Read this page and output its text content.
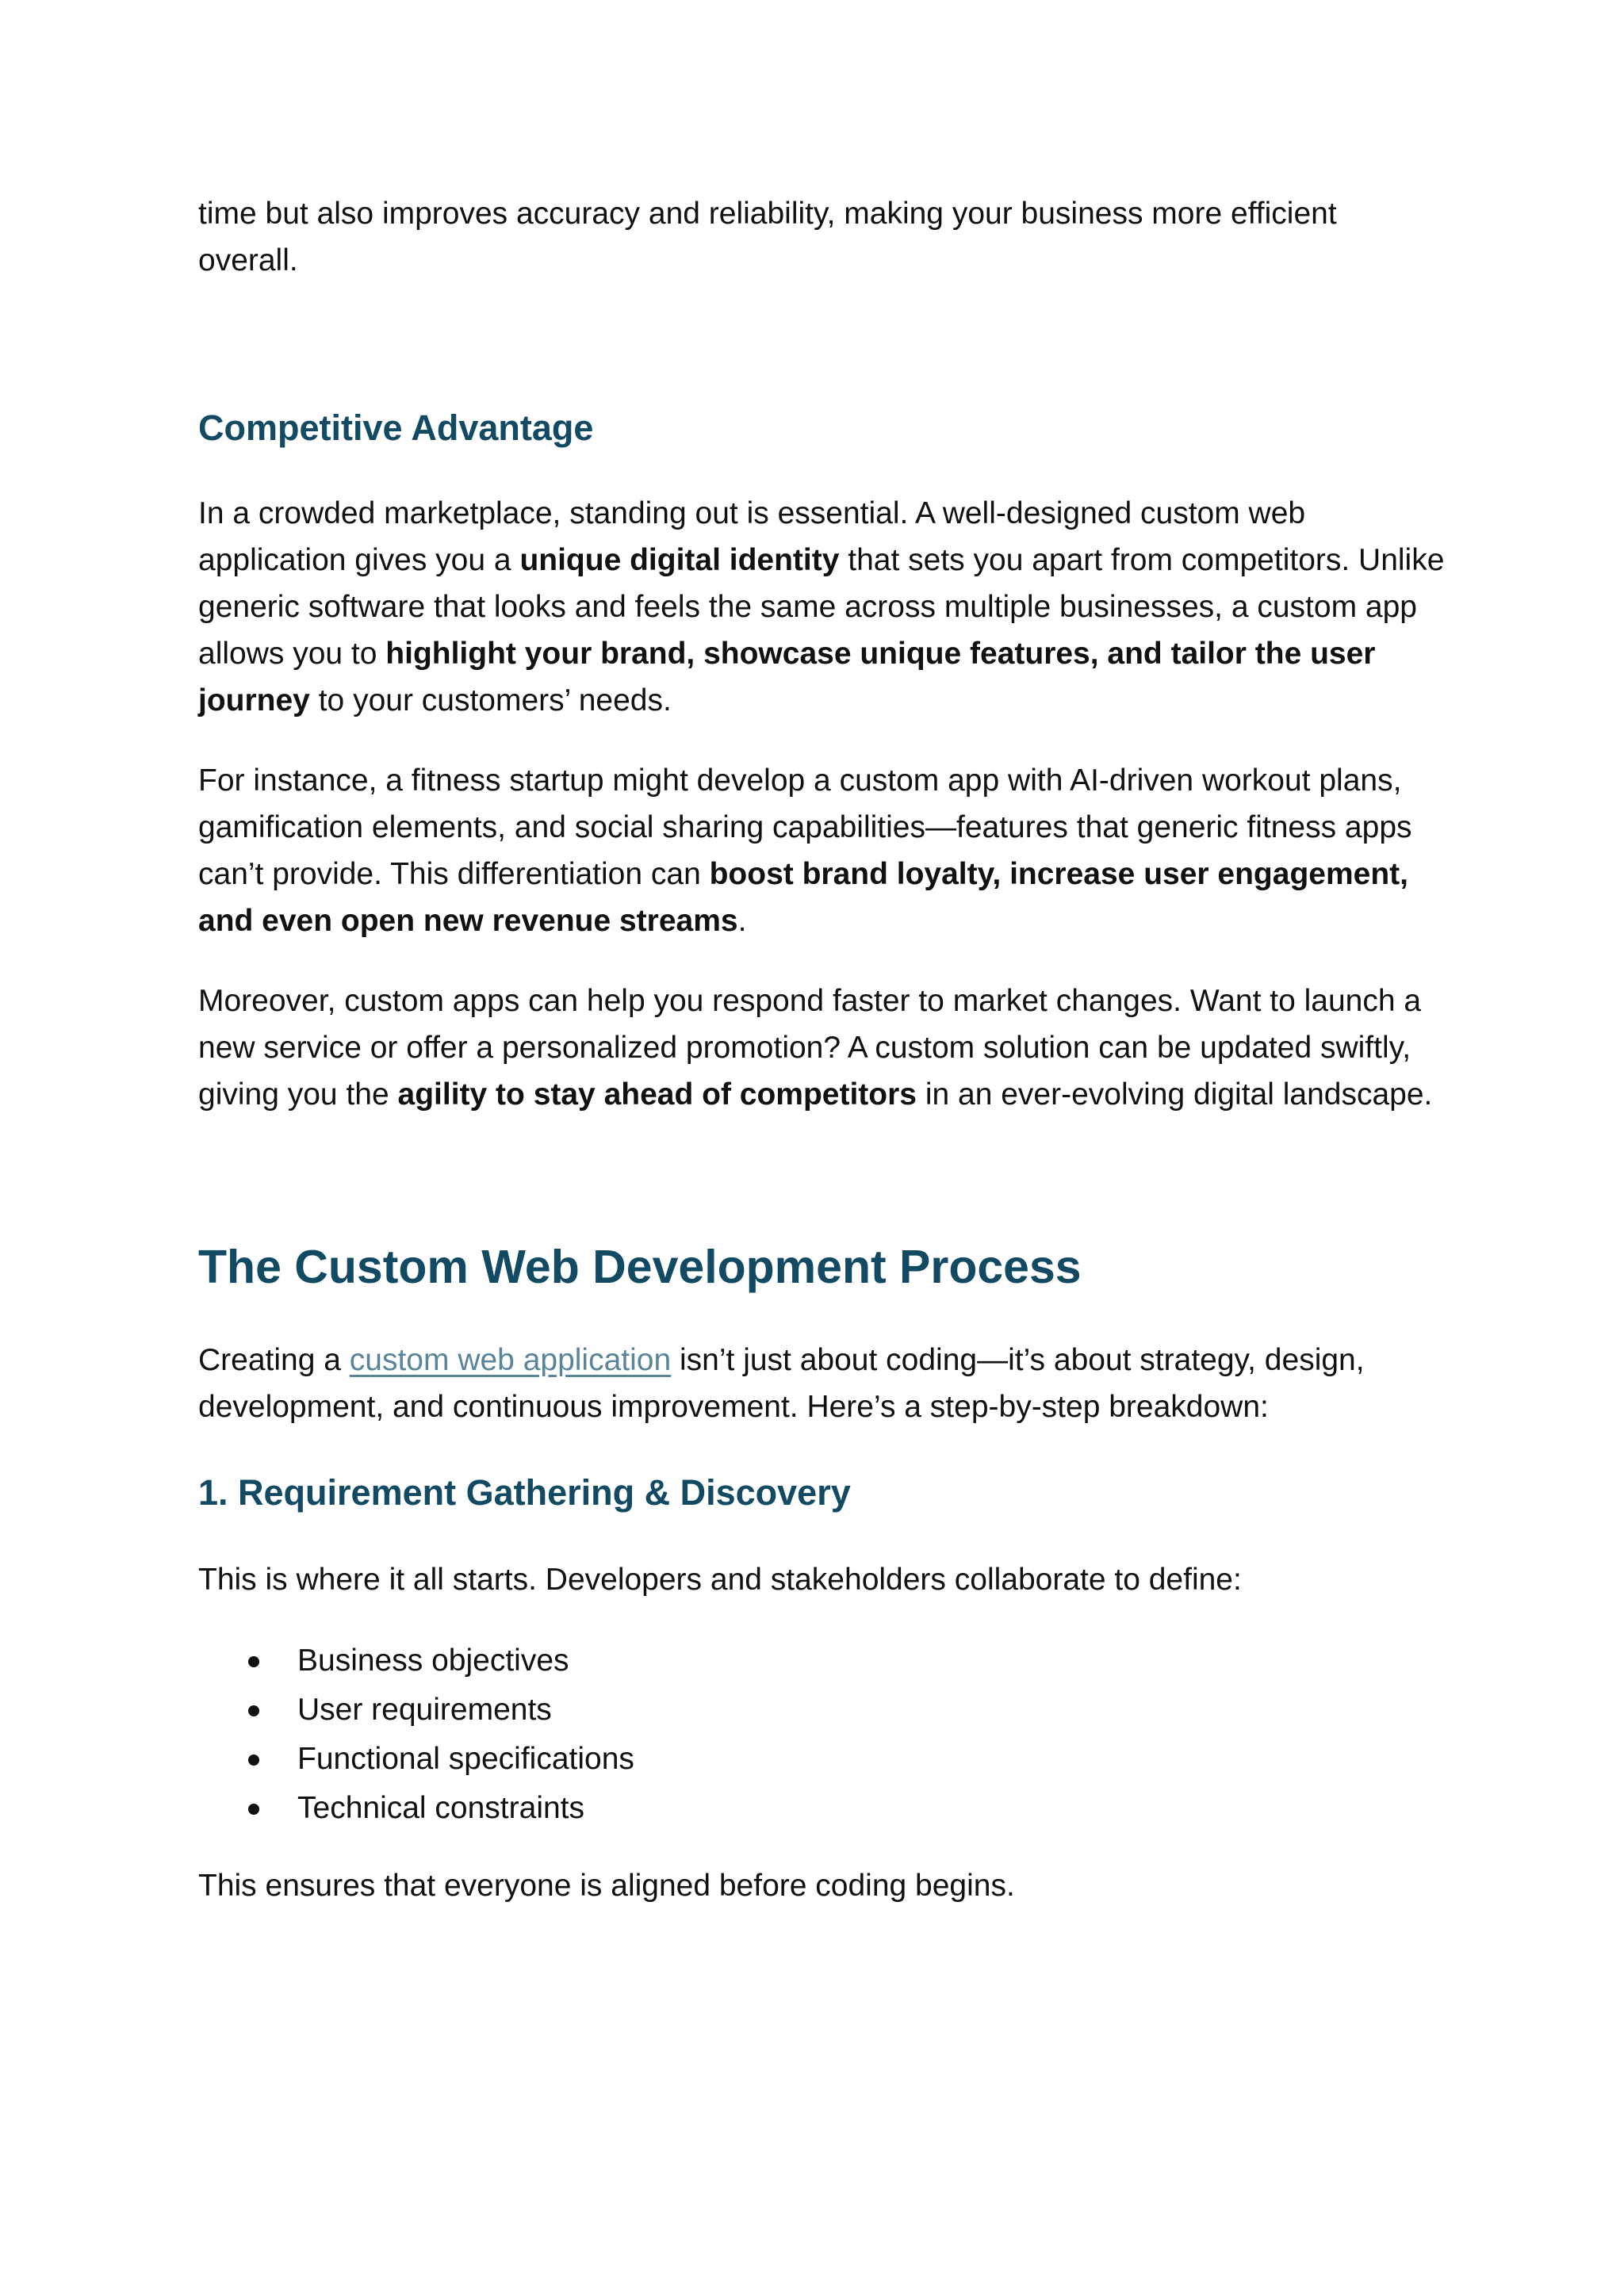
time but also improves accuracy and reliability, making your business more efficient overall.

Competitive Advantage

In a crowded marketplace, standing out is essential. A well-designed custom web application gives you a unique digital identity that sets you apart from competitors. Unlike generic software that looks and feels the same across multiple businesses, a custom app allows you to highlight your brand, showcase unique features, and tailor the user journey to your customers’ needs.

For instance, a fitness startup might develop a custom app with AI-driven workout plans, gamification elements, and social sharing capabilities—features that generic fitness apps can’t provide. This differentiation can boost brand loyalty, increase user engagement, and even open new revenue streams.

Moreover, custom apps can help you respond faster to market changes. Want to launch a new service or offer a personalized promotion? A custom solution can be updated swiftly, giving you the agility to stay ahead of competitors in an ever-evolving digital landscape.

The Custom Web Development Process

Creating a custom web application isn’t just about coding—it’s about strategy, design, development, and continuous improvement. Here’s a step-by-step breakdown:

1. Requirement Gathering & Discovery

This is where it all starts. Developers and stakeholders collaborate to define:

Business objectives
User requirements
Functional specifications
Technical constraints

This ensures that everyone is aligned before coding begins.
